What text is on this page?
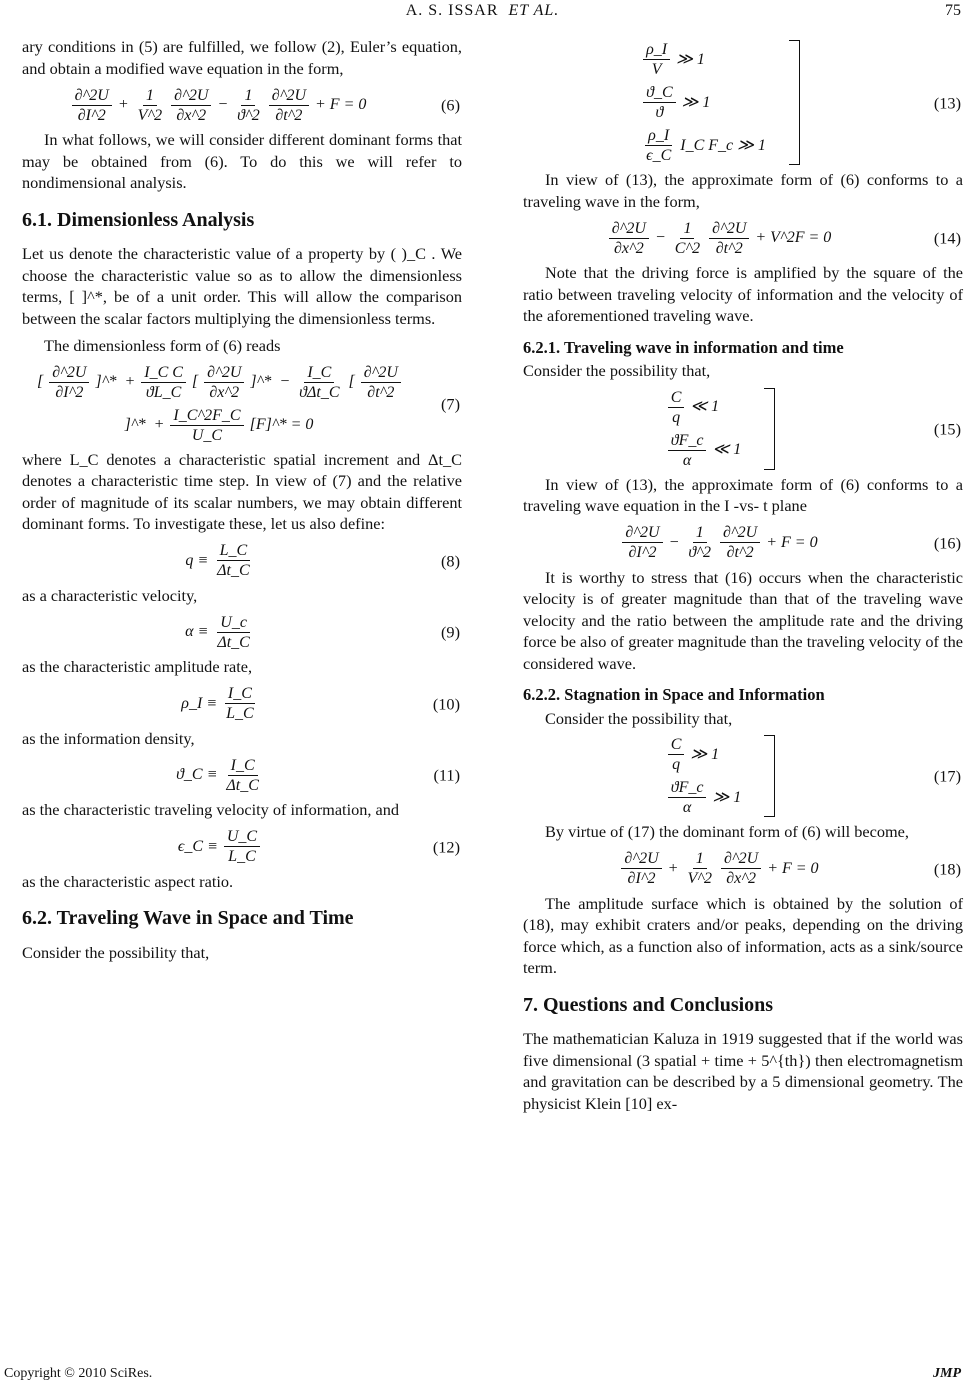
A. S. ISSAR ET AL.	75

ary conditions in (5) are fulfilled, we follow (2), Euler’s equation, and obtain a modified wave equation in the form,

$\frac{\partial\^{}2U}{\partial I\^{}2} + \frac{1}{V\^{}2} \frac{\partial\^{}2U}{\partial x\^{}2} - \frac{1}{ϑ\^{}2} \frac{\partial\^{}2U}{\partial t\^{}2} + F = 0$	(6)

In what follows, we will consider different dominant forms that may be obtained from (6). To do this we will refer to nondimensional analysis.

6.1. Dimensionless Analysis

Let us denote the characteristic value of a property by ( )_C . We choose the characteristic value so as to allow the dimensionless terms, [ ]^*, be of a unit order. This will allow the comparison between the scalar factors multiplying the dimensionless terms.

The dimensionless form of (6) reads

[ $\frac{\partial\^{}2U}{\partial I\^{}2}$ ]^*  + $\frac{\text{I\_C C}}{ϑL\_C}$ [ $\frac{\partial\^{}2U}{\partial x\^{}2}$ ]^*  − $\frac{I\_C}{\text{ϑΔt\_C}}$ [ $\frac{\partial\^{}2U}{\partial t\^{}2}$
]^*  + $\frac{I\_C\^{}2F\_C}{U\_C}$ [F]^* = 0
(7)

where L_C denotes a characteristic spatial increment and Δt_C denotes a characteristic time step. In view of (7) and the relative order of magnitude of its scalar numbers, we may obtain different dominant forms. To investigate these, let us also define:

$q \equiv \frac{L\_C}{\Delta t\_C}$	(8)

as a characteristic velocity,

$\alpha \equiv \frac{U\_c}{\Delta t\_C}$	(9)

as the characteristic amplitude rate,

ρ_I ≡ $\frac{I\_C}{L\_C}$	(10)

as the information density,

ϑ_C ≡ $\frac{I\_C}{\Delta t\_C}$	(11)

as the characteristic traveling velocity of information, and

ϵ_C ≡ $\frac{U\_C}{L\_C}$	(12)

as the characteristic aspect ratio.

6.2. Traveling Wave in Space and Time

Consider the possibility that,

$\frac{\rho\_I}{V}$ ≫ 1
$\frac{ϑ\_C}{ϑ}$ ≫ 1
$\frac{\rho\_I}{\epsilon\_C}$ I_C F_c ≫ 1
(13)

In view of (13), the approximate form of (6) conforms to a traveling wave in the form,

$\frac{\partial\^{}2U}{\partial x\^{}2} - \frac{1}{C\^{}2} \frac{\partial\^{}2U}{\partial t\^{}2}$ + V^2F = 0	(14)

Note that the driving force is amplified by the square of the ratio between traveling velocity of information and the velocity of the aforementioned traveling wave.

6.2.1. Traveling wave in information and time

Consider the possibility that,

$\frac{C}{q}$ ≪ 1
$\frac{ϑF\_c}{\alpha}$ ≪ 1
(15)

In view of (13), the approximate form of (6) conforms to a traveling wave equation in the I -vs- t plane

$\frac{\partial\^{}2U}{\partial I\^{}2} - \frac{1}{ϑ\^{}2} \frac{\partial\^{}2U}{\partial t\^{}2} + F = 0$	(16)

It is worthy to stress that (16) occurs when the characteristic velocity is of greater magnitude than that of the traveling wave velocity and the ratio between the amplitude rate and the driving force be also of greater magnitude than the traveling velocity of the considered wave.

6.2.2. Stagnation in Space and Information

Consider the possibility that,

$\frac{C}{q}$ ≫ 1
$\frac{ϑF\_c}{\alpha}$ ≫ 1
(17)

By virtue of (17) the dominant form of (6) will become,

$\frac{\partial\^{}2U}{\partial I\^{}2} + \frac{1}{V\^{}2} \frac{\partial\^{}2U}{\partial x\^{}2} + F = 0$	(18)

The amplitude surface which is obtained by the solution of (18), may exhibit craters and/or peaks, depending on the driving force which, as a function also of information, acts as a sink/source term.

7. Questions and Conclusions

The mathematician Kaluza in 1919 suggested that if the world was five dimensional (3 spatial + time + 5^{th}) then electromagnetism and gravitation can be described by a 5 dimensional geometry. The physicist Klein [10] ex-

Copyright © 2010 SciRes.	JMP
